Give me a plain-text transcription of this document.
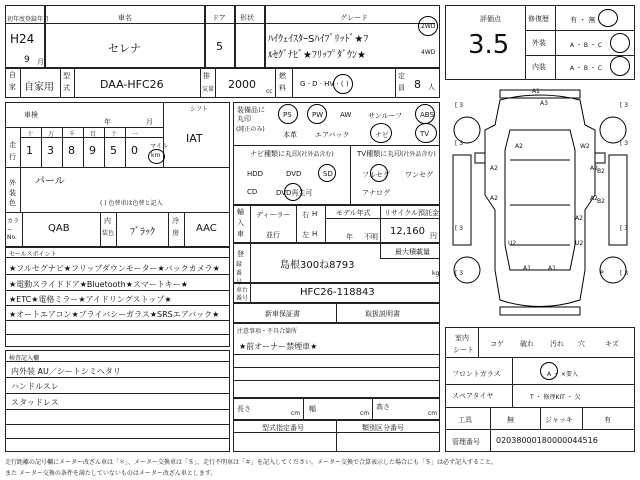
初年度登録年月
H24
9 月
車名
セレナ
ドア
5
形状	グレード
ﾊｲｳｪｲｽﾀｰSﾊｲﾌﾞﾘｯﾄﾞ★ﾌ
ﾙｾｸﾞﾅﾋﾞ★ﾌﾘｯﾌﾟﾀﾞｳﾝ★
2WD
4WD
自
家 自家用
型
式	DAA-HFC26
排
気量 2000
cc
燃
料 G · D · HV · ( )
定
員 8 人
評価点
3.5
修復歴	有 ・ 無
外装	A ・ B ・ C
内装	A ・ B ・ C
車検
年	月
シフト
IAT
走
行
十
1
万
3
千
8
百
9
十
5
一
0 マイル
km
外装色
パール
( ) 色替車は色替と記入
カラーNo.
QAB
内
装色 ﾌﾞﾗｯｸ
冷
房 AAC
装備品に
丸印
(純正のみ)
PS	PW AW サンルーフ	ABS
本革	エアバック	ナビ	TV
ナビ種類に丸印(社外品含む)	TV種類に丸印(社外品含む)
HDD	DVD	SD
CD	DVD再生可
フルセグ ワンセグ
アナログ
輸
入
車
ディーラー
並行
右 H
左 H
モデル年式
年 不明
リサイクル預託金
12,160 円
登
録番号
島根300ね8793
最大積載量
kg
車台
番号
HFC26-118843
新車保証書	取扱説明書
セールスポイント
★フルセグナビ★フリップダウンモーター★バックカメラ★
★電動スライドドア★Bluetooth★スマートキー★
★ETC★電格ミラー★アイドリングストップ★
★オートエアコン★プライバシーガラス★SRSエアバック★
検査記入欄
内外装 AU／シートシミヘタリ
ハンドルスレ
スタッドレス
注意事項・不具合箇所
★前オーナー禁煙車★
長さ
cm
幅
cm
高さ
cm
型式指定番号	類別区分番号
A1
A3
A2
A2
A2
A2
B2
B2
W2
A2
A2
A1	A1
U2	U2
P
[ 3	[ 3
[ 3	[ 3
[ 3	[ 3
[ 3	[ 3
室内
シート
コゲ 破れ 汚れ 穴	キズ
フロントガラス	A ・ ×要入
スペアタイヤ	T ・ 修理KIT ・ 欠
工具	無	ジャッキ	有
管理番号 02038000180000044516
走行距離の記号欄にメーター改ざん車は「＊」、メーター交換車は「＄」、走行不明車は「＃」を記入してください。メーター交換で合算表示した場合にも「＄」は必ず記入すること。
また メーター交換の条件を満たしていないものはメーター改ざん車とします。
